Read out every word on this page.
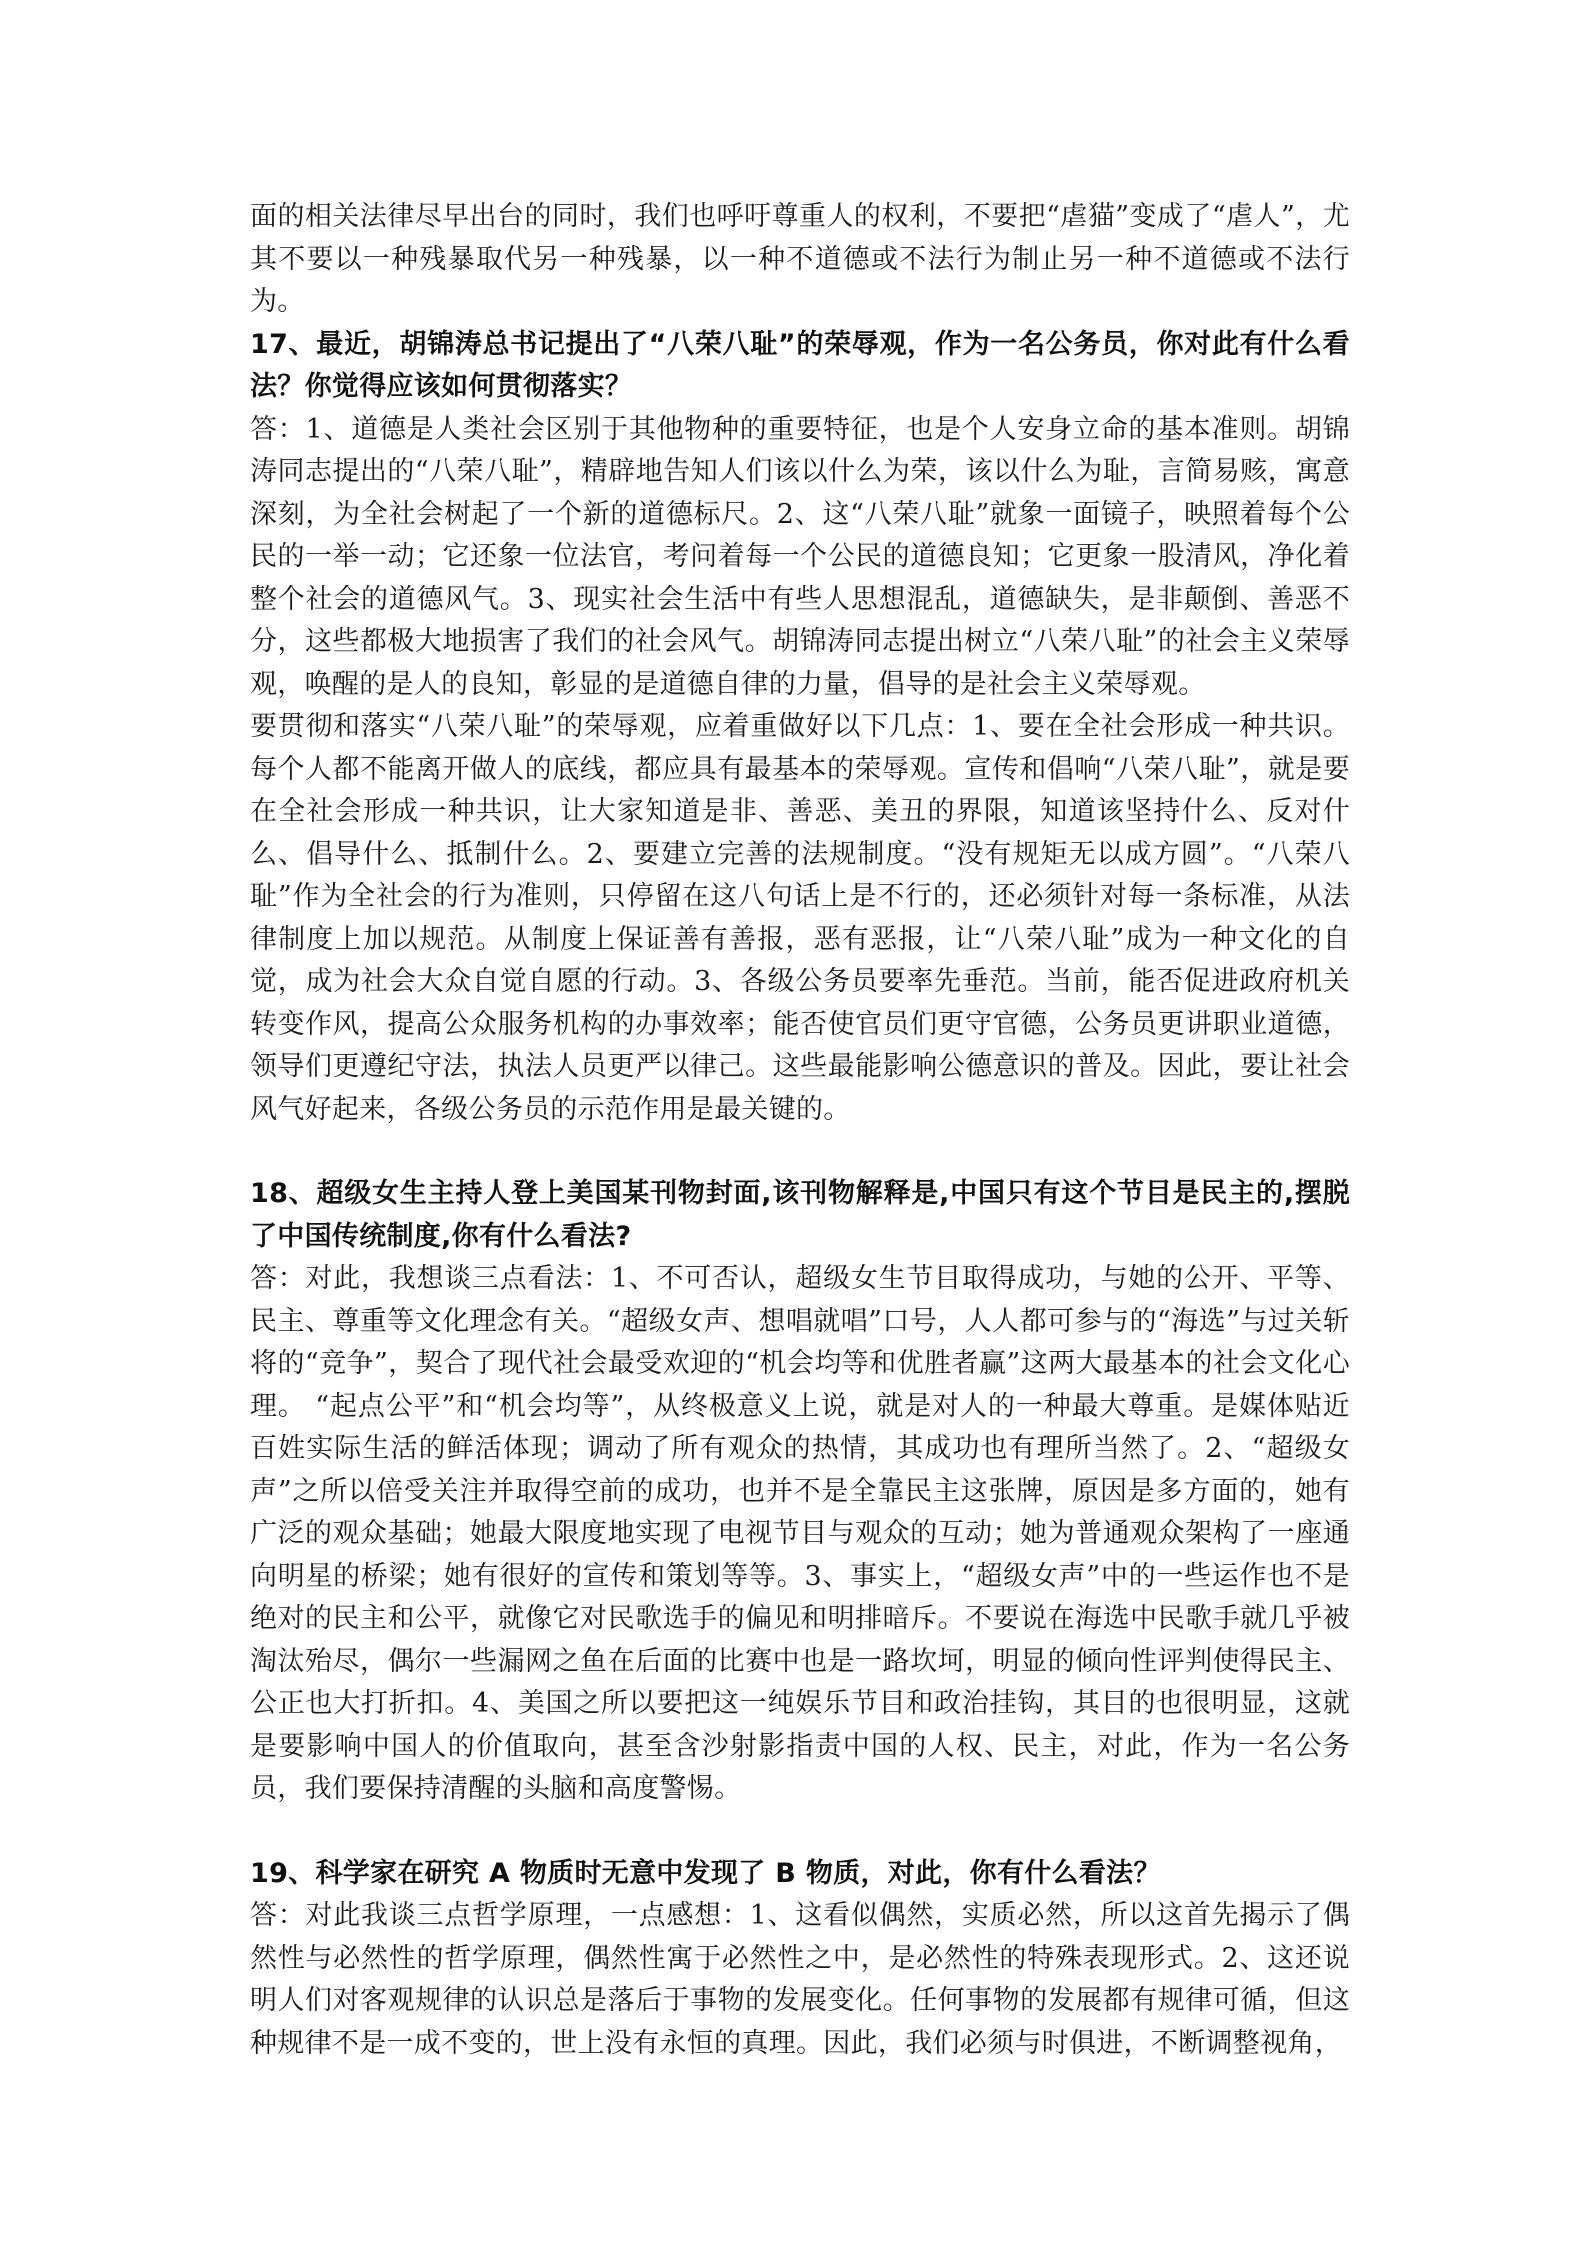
面的相关法律尽早出台的同时，我们也呼吁尊重人的权利，不要把“虐猫”变成了“虐人”，尤其不要以一种残暴取代另一种残暴，以一种不道德或不法行为制止另一种不道德或不法行为。

17、最近，胡锦涛总书记提出了“八荣八耻”的荣辱观，作为一名公务员，你对此有什么看法？你觉得应该如何贯彻落实？

答：1、道德是人类社会区别于其他物种的重要特征，也是个人安身立命的基本准则。胡锦涛同志提出的“八荣八耻”，精辟地告知人们该以什么为荣，该以什么为耻，言简易赅，寓意深刻，为全社会树起了一个新的道德标尺。2、这“八荣八耻”就象一面镜子，映照着每个公民的一举一动；它还象一位法官，考问着每一个公民的道德良知；它更象一股清风，净化着整个社会的道德风气。3、现实社会生活中有些人思想混乱，道德缺失，是非颠倒、善恶不分，这些都极大地损害了我们的社会风气。胡锦涛同志提出树立“八荣八耻”的社会主义荣辱观，唤醒的是人的良知，彰显的是道德自律的力量，倡导的是社会主义荣辱观。

要贯彻和落实“八荣八耻”的荣辱观，应着重做好以下几点：1、要在全社会形成一种共识。每个人都不能离开做人的底线，都应具有最基本的荣辱观。宣传和倡响“八荣八耻”，就是要在全社会形成一种共识，让大家知道是非、善恶、美丑的界限，知道该坚持什么、反对什么、倡导什么、抵制什么。2、要建立完善的法规制度。“没有规矩无以成方圆”。“八荣八耻”作为全社会的行为准则，只停留在这八句话上是不行的，还必须针对每一条标准，从法律制度上加以规范。从制度上保证善有善报，恶有恶报，让“八荣八耻”成为一种文化的自觉，成为社会大众自觉自愿的行动。3、各级公务员要率先垂范。当前，能否促进政府机关转变作风，提高公众服务机构的办事效率；能否使官员们更守官德，公务员更讲职业道德，领导们更遵纪守法，执法人员更严以律己。这些最能影响公德意识的普及。因此，要让社会风气好起来，各级公务员的示范作用是最关键的。

18、超级女生主持人登上美国某刊物封面,该刊物解释是,中国只有这个节目是民主的,摆脱了中国传统制度,你有什么看法?

答：对此，我想谈三点看法：1、不可否认，超级女生节目取得成功，与她的公开、平等、民主、尊重等文化理念有关。“超级女声、想唱就唱”口号，人人都可参与的“海选”与过关斩将的“竞争”，契合了现代社会最受欢迎的“机会均等和优胜者赢”这两大最基本的社会文化心理。 “起点公平”和“机会均等”，从终极意义上说，就是对人的一种最大尊重。是媒体贴近百姓实际生活的鲜活体现；调动了所有观众的热情，其成功也有理所当然了。2、“超级女声”之所以倍受关注并取得空前的成功，也并不是全靠民主这张牌，原因是多方面的，她有广泛的观众基础；她最大限度地实现了电视节目与观众的互动；她为普通观众架构了一座通向明星的桥梁；她有很好的宣传和策划等等。3、事实上，“超级女声”中的一些运作也不是绝对的民主和公平，就像它对民歌选手的偏见和明排暗斥。不要说在海选中民歌手就几乎被淘汰殆尽，偶尔一些漏网之鱼在后面的比赛中也是一路坎坷，明显的倾向性评判使得民主、公正也大打折扣。4、美国之所以要把这一纯娱乐节目和政治挂钩，其目的也很明显，这就是要影响中国人的价值取向，甚至含沙射影指责中国的人权、民主，对此，作为一名公务员，我们要保持清醒的头脑和高度警惕。

19、科学家在研究 A 物质时无意中发现了 B 物质，对此，你有什么看法？

答：对此我谈三点哲学原理，一点感想：1、这看似偶然，实质必然，所以这首先揭示了偶然性与必然性的哲学原理，偶然性寓于必然性之中，是必然性的特殊表现形式。2、这还说明人们对客观规律的认识总是落后于事物的发展变化。任何事物的发展都有规律可循，但这种规律不是一成不变的，世上没有永恒的真理。因此，我们必须与时俱进，不断调整视角，
